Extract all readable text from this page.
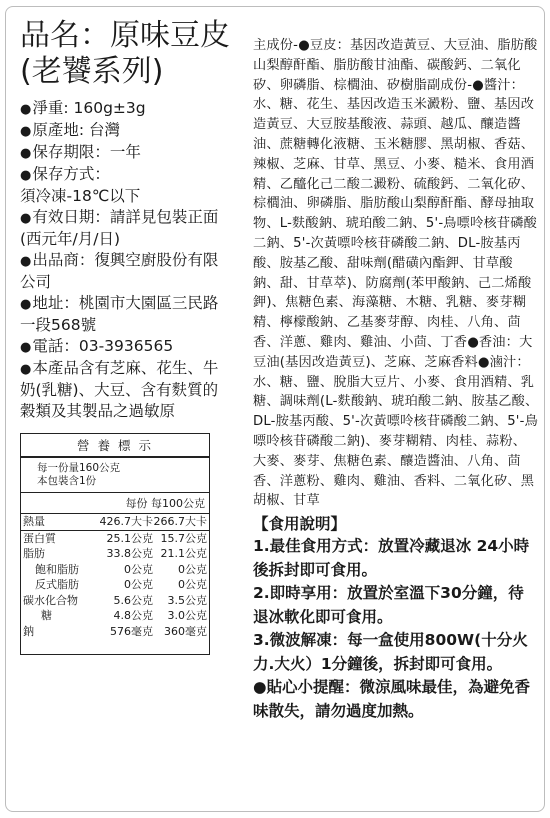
品名：原味豆皮
(老饕系列)

●淨重: 160g±3g

●原產地: 台灣

●保存期限：一年

●保存方式：

須冷凍-18℃以下

●有效日期：請詳見包裝正面

(西元年/月/日)

●出品商：復興空廚股份有限

公司

●地址：桃園市大園區三民路

一段568號

●電話：03-3936565

●本產品含有芝麻、花生、牛

奶(乳糖)、大豆、含有麩質的

穀類及其製品之過敏原

營 養 標 示
每一份量160公克
本包裝含1份
每份 每100公克
熱量	426.7大卡	266.7大卡
蛋白質	25.1公克	15.7公克
脂肪	33.8公克	21.1公克
飽和脂肪	0公克	0公克
反式脂肪	0公克	0公克
碳水化合物	5.6公克	3.5公克
糖	4.8公克	3.0公克
鈉	576毫克	360毫克
主成份-●豆皮：基因改造黃豆、大豆油、脂肪酸山梨醇酐酯、脂肪酸甘油酯、碳酸鈣、二氧化矽、卵磷脂、棕櫚油、矽樹脂副成份-●醬汁：水、糖、花生、基因改造玉米澱粉、鹽、基因改造黃豆、大豆胺基酸液、蒜頭、越瓜、釀造醬油、蔗糖轉化液糖、玉米糖膠、黑胡椒、香菇、辣椒、芝麻、甘草、黑豆、小麥、糙米、食用酒精、乙醯化己二酸二澱粉、硫酸鈣、二氧化矽、棕櫚油、卵磷脂、脂肪酸山梨醇酐酯、酵母抽取物、L-麩酸鈉、琥珀酸二鈉、5'-鳥嘌呤核苷磷酸二鈉、5'-次黃嘌呤核苷磷酸二鈉、DL-胺基丙酸、胺基乙酸、甜味劑(醋磺內酯鉀、甘草酸鈉、甜、甘草萃)、防腐劑(苯甲酸鈉、己二烯酸鉀)、焦糖色素、海藻糖、木糖、乳糖、麥芽糊精、檸檬酸鈉、乙基麥芽醇、肉桂、八角、茴香、洋蔥、雞肉、雞油、小茴、丁香●香油：大豆油(基因改造黃豆)、芝麻、芝麻香料●滷汁：水、糖、鹽、脫脂大豆片、小麥、食用酒精、乳糖、調味劑(L-麩酸鈉、琥珀酸二鈉、胺基乙酸、DL-胺基丙酸、5'-次黃嘌呤核苷磷酸二鈉、5'-鳥嘌呤核苷磷酸二鈉)、麥芽糊精、肉桂、蒜粉、大麥、麥芽、焦糖色素、釀造醬油、八角、茴香、洋蔥粉、雞肉、雞油、香料、二氧化矽、黑胡椒、甘草
【食用說明】

1.最佳食用方式：放置冷藏退冰 24小時後拆封即可食用。

2.即時享用：放置於室溫下30分鐘，待退冰軟化即可食用。

3.微波解凍：每一盒使用800W(十分火力.大火）1分鐘後，拆封即可食用。

●貼心小提醒：微涼風味最佳，為避免香味散失，請勿過度加熱。
